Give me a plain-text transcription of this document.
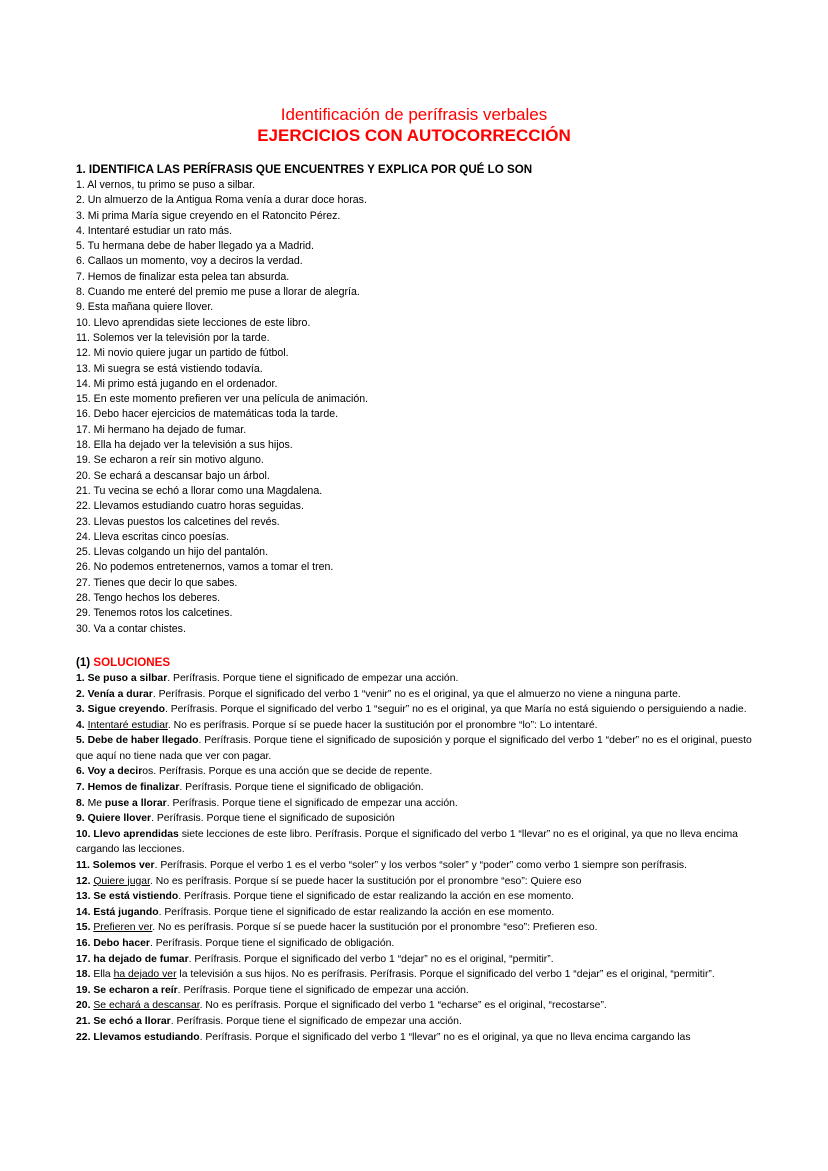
Identificación de perífrasis verbales
EJERCICIOS CON AUTOCORRECCIÓN

1. IDENTIFICA LAS PERÍFRASIS QUE ENCUENTRES Y EXPLICA POR QUÉ LO SON

1. Al vernos, tu primo se puso a silbar.
2. Un almuerzo de la Antigua Roma venía a durar doce horas.
3. Mi prima María sigue creyendo en el Ratoncito Pérez.
4. Intentaré estudiar un rato más.
5. Tu hermana debe de haber llegado ya a Madrid.
6. Callaos un momento, voy a deciros la verdad.
7. Hemos de finalizar esta pelea tan absurda.
8. Cuando me enteré del premio me puse a llorar de alegría.
9. Esta mañana quiere llover.
10. Llevo aprendidas siete lecciones de este libro.
11. Solemos ver la televisión por la tarde.
12. Mi novio quiere jugar un partido de fútbol.
13. Mi suegra se está vistiendo todavía.
14. Mi primo está jugando en el ordenador.
15. En este momento prefieren ver una película de animación.
16. Debo hacer ejercicios de matemáticas toda la tarde.
17. Mi hermano ha dejado de fumar.
18. Ella ha dejado ver la televisión a sus hijos.
19. Se echaron a reír sin motivo alguno.
20. Se echará a descansar bajo un árbol.
21. Tu vecina se echó a llorar como una Magdalena.
22. Llevamos estudiando cuatro horas seguidas.
23. Llevas puestos los calcetines del revés.
24. Lleva escritas cinco poesías.
25. Llevas colgando un hijo del pantalón.
26. No podemos entretenernos, vamos a tomar el tren.
27. Tienes que decir lo que sabes.
28. Tengo hechos los deberes.
29. Tenemos rotos los calcetines.
30. Va a contar chistes.

(1) SOLUCIONES

1. Se puso a silbar. Perífrasis. Porque tiene el significado de empezar una acción.
2. Venía a durar. Perífrasis. Porque el significado del verbo 1 “venir” no es el original, ya que el almuerzo no viene a ninguna parte.
3. Sigue creyendo. Perífrasis. Porque el significado del verbo 1 “seguir” no es el original, ya que María no está siguiendo o persiguiendo a nadie.
4. Intentaré estudiar. No es perífrasis. Porque sí se puede hacer la sustitución por el pronombre “lo”: Lo intentaré.
5. Debe de haber llegado. Perífrasis. Porque tiene el significado de suposición y porque el significado del verbo 1 “deber” no es el original, puesto que aquí no tiene nada que ver con pagar.
6. Voy a deciros. Perífrasis. Porque es una acción que se decide de repente.
7. Hemos de finalizar. Perífrasis. Porque tiene el significado de obligación.
8. Me puse a llorar. Perífrasis. Porque tiene el significado de empezar una acción.
9. Quiere llover. Perífrasis. Porque tiene el significado de suposición
10. Llevo aprendidas siete lecciones de este libro. Perífrasis. Porque el significado del verbo 1 “llevar” no es el original, ya que no lleva encima cargando las lecciones.
11. Solemos ver. Perífrasis. Porque el verbo 1 es el verbo “soler” y los verbos “soler” y “poder” como verbo 1 siempre son perífrasis.
12. Quiere jugar. No es perífrasis. Porque sí se puede hacer la sustitución por el pronombre “eso”: Quiere eso
13. Se está vistiendo. Perífrasis. Porque tiene el significado de estar realizando la acción en ese momento.
14. Está jugando. Perífrasis. Porque tiene el significado de estar realizando la acción en ese momento.
15. Prefieren ver. No es perífrasis. Porque sí se puede hacer la sustitución por el pronombre “eso”: Prefieren eso.
16. Debo hacer. Perífrasis. Porque tiene el significado de obligación.
17. ha dejado de fumar. Perífrasis. Porque el significado del verbo 1 “dejar” no es el original, “permitir”.
18. Ella ha dejado ver la televisión a sus hijos. No es perífrasis. Perífrasis. Porque el significado del verbo 1 “dejar” es el original, “permitir”.
19. Se echaron a reír. Perífrasis. Porque tiene el significado de empezar una acción.
20. Se echará a descansar. No es perífrasis. Porque el significado del verbo 1 “echarse” es el original, “recostarse”.
21. Se echó a llorar. Perífrasis. Porque tiene el significado de empezar una acción.
22. Llevamos estudiando. Perífrasis. Porque el significado del verbo 1 “llevar” no es el original, ya que no lleva encima cargando las
